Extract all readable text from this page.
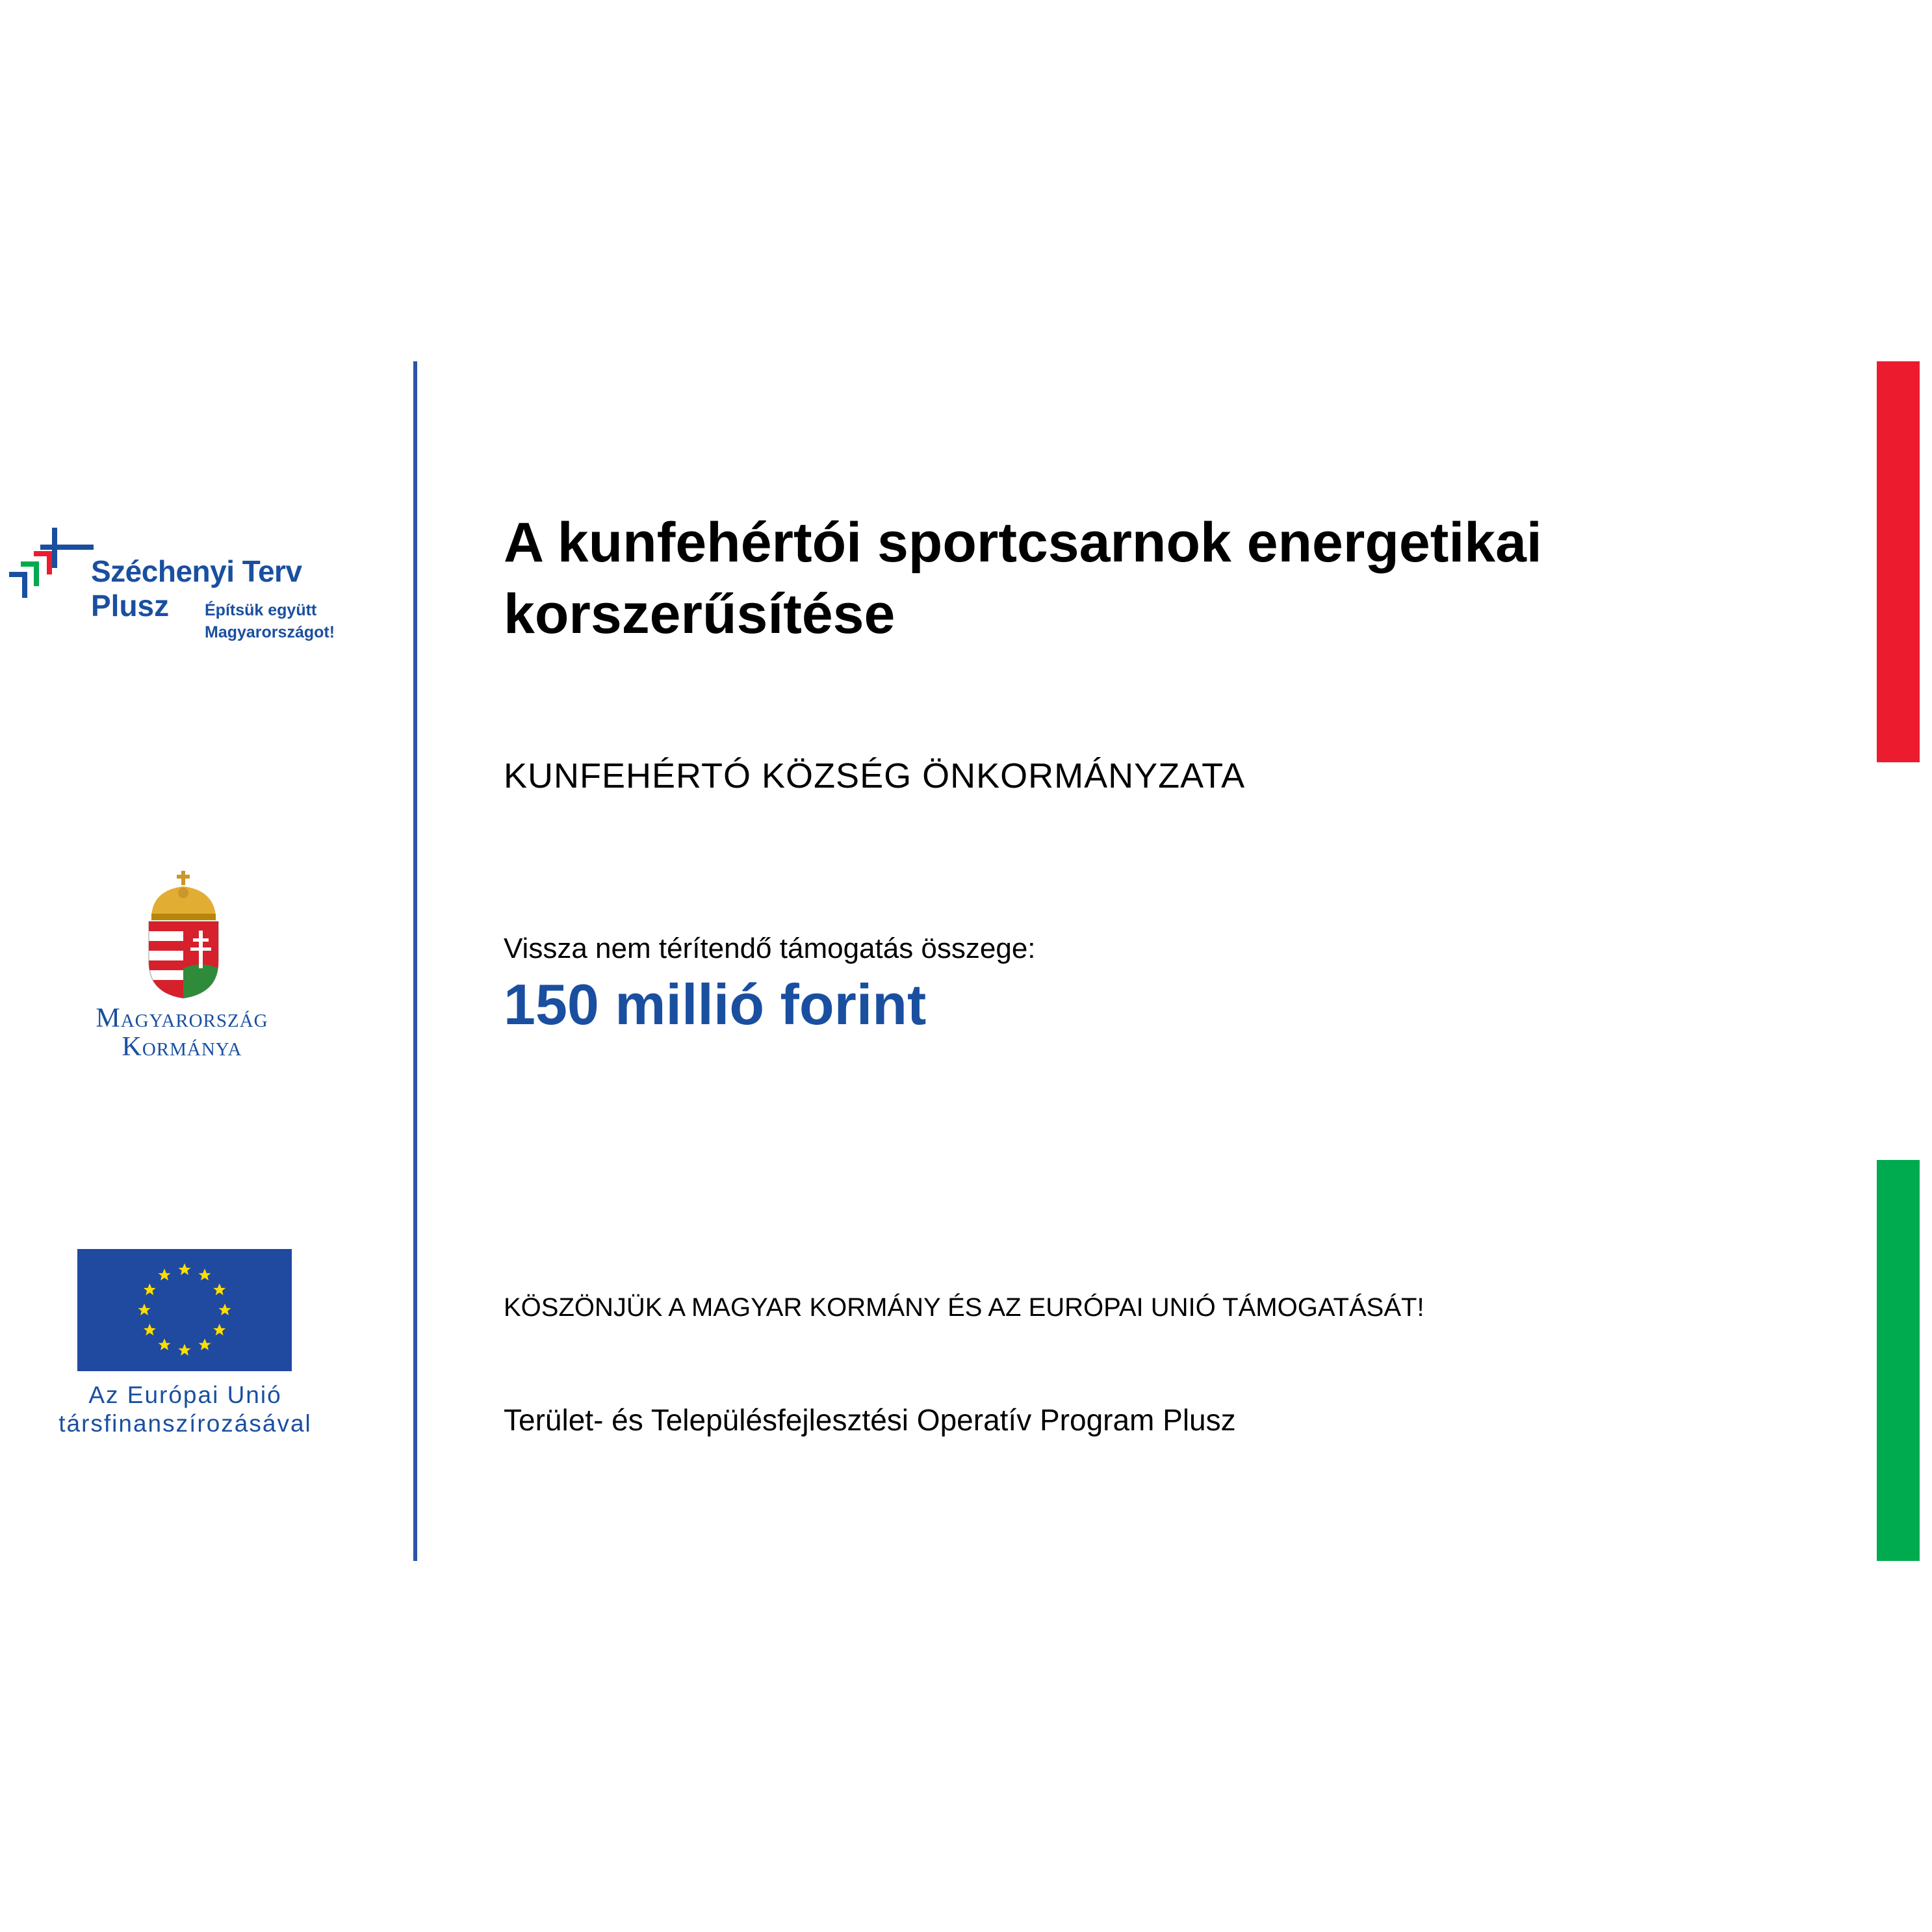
Széchenyi Terv
Plusz Építsük együtt
Magyarországot!
Magyarország
Kormánya
Az Európai Unió
társfinanszírozásával
A kunfehértói sportcsarnok energetikai korszerűsítése
KUNFEHÉRTÓ KÖZSÉG ÖNKORMÁNYZATA
Vissza nem térítendő támogatás összege:
150 millió forint
KÖSZÖNJÜK A MAGYAR KORMÁNY ÉS AZ EURÓPAI UNIÓ TÁMOGATÁSÁT!
Terület- és Településfejlesztési Operatív Program Plusz
